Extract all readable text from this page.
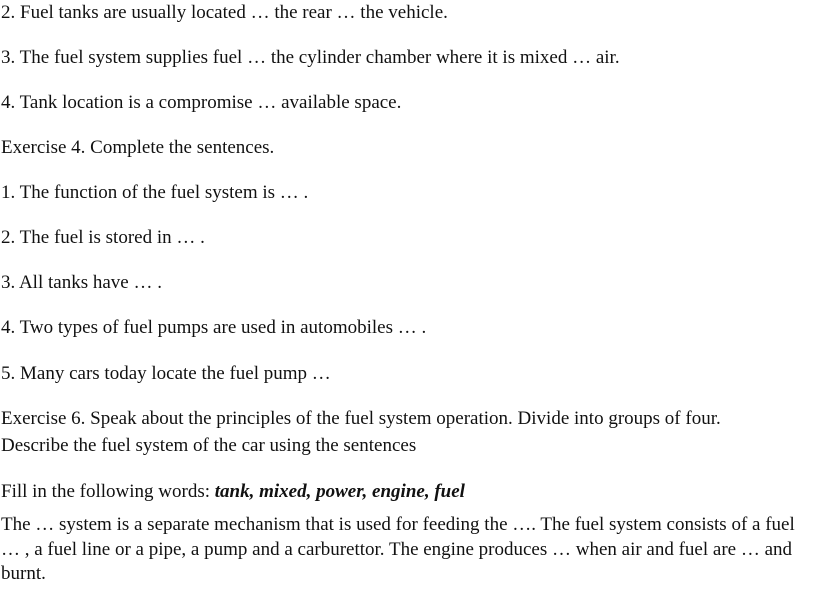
2. Fuel tanks are usually located … the rear … the vehicle.
3. The fuel system supplies fuel … the cylinder chamber where it is mixed … air.
4. Tank location is a compromise … available space.
Exercise 4. Complete the sentences.
1. The function of the fuel system is … .
2. The fuel is stored in … .
3. All tanks have … .
4. Two types of fuel pumps are used in automobiles … .
5. Many cars today locate the fuel pump …
Exercise 6. Speak about the principles of the fuel system operation. Divide into groups of four.
Describe the fuel system of the car using the sentences
Fill in the following words: tank, mixed, power, engine, fuel
The … system is a separate mechanism that is used for feeding the …. The fuel system consists of a fuel … , a fuel line or a pipe, a pump and a carburettor. The engine produces … when air and fuel are … and burnt.
